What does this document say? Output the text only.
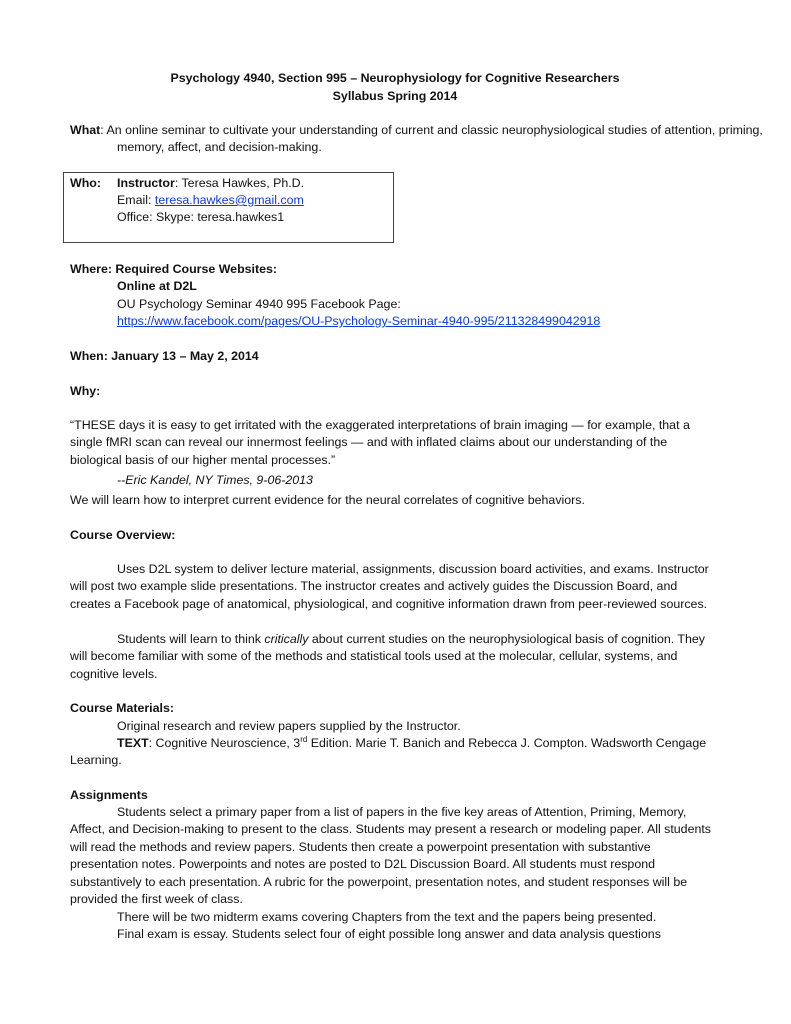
Psychology 4940, Section 995 – Neurophysiology for Cognitive Researchers
Syllabus Spring 2014
What: An online seminar to cultivate your understanding of current and classic neurophysiological studies of attention, priming, memory, affect, and decision-making.
Who: Instructor: Teresa Hawkes, Ph.D.
Email: teresa.hawkes@gmail.com
Office: Skype: teresa.hawkes1
Where: Required Course Websites:
Online at D2L
OU Psychology Seminar 4940 995 Facebook Page:
https://www.facebook.com/pages/OU-Psychology-Seminar-4940-995/211328499042918
When: January 13 – May 2, 2014
Why:
“THESE days it is easy to get irritated with the exaggerated interpretations of brain imaging — for example, that a single fMRI scan can reveal our innermost feelings — and with inflated claims about our understanding of the biological basis of our higher mental processes.”
--Eric Kandel, NY Times, 9-06-2013
We will learn how to interpret current evidence for the neural correlates of cognitive behaviors.
Course Overview:
Uses D2L system to deliver lecture material, assignments, discussion board activities, and exams. Instructor will post two example slide presentations. The instructor creates and actively guides the Discussion Board, and creates a Facebook page of anatomical, physiological, and cognitive information drawn from peer-reviewed sources.
Students will learn to think critically about current studies on the neurophysiological basis of cognition. They will become familiar with some of the methods and statistical tools used at the molecular, cellular, systems, and cognitive levels.
Course Materials:
Original research and review papers supplied by the Instructor.
TEXT: Cognitive Neuroscience, 3rd Edition. Marie T. Banich and Rebecca J. Compton. Wadsworth Cengage Learning.
Assignments
Students select a primary paper from a list of papers in the five key areas of Attention, Priming, Memory, Affect, and Decision-making to present to the class. Students may present a research or modeling paper. All students will read the methods and review papers. Students then create a powerpoint presentation with substantive presentation notes. Powerpoints and notes are posted to D2L Discussion Board. All students must respond substantively to each presentation. A rubric for the powerpoint, presentation notes, and student responses will be provided the first week of class.
There will be two midterm exams covering Chapters from the text and the papers being presented.
Final exam is essay. Students select four of eight possible long answer and data analysis questions
